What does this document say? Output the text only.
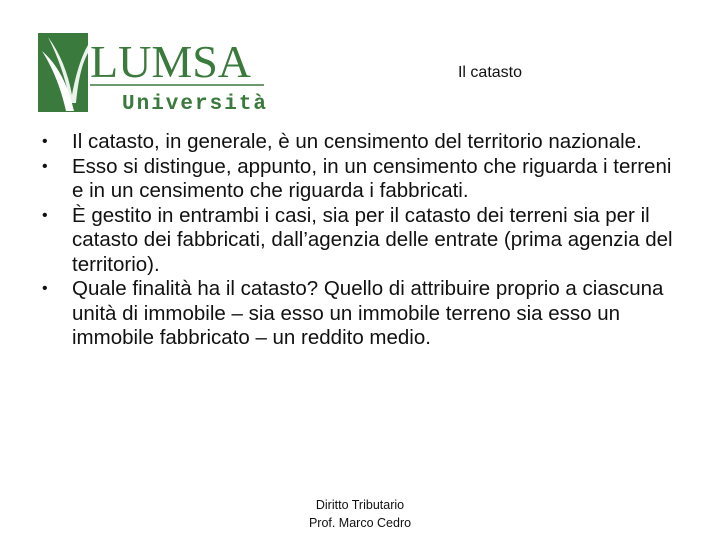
LUMSA
Università
Il catasto
• Il catasto, in generale, è un censimento del territorio nazionale.
• Esso si distingue, appunto, in un censimento che riguarda i terreni e in un censimento che riguarda i fabbricati.
• È gestito in entrambi i casi, sia per il catasto dei terreni sia per il catasto dei fabbricati, dall’agenzia delle entrate (prima agenzia del territorio).
• Quale finalità ha il catasto? Quello di attribuire proprio a ciascuna unità di immobile – sia esso un immobile terreno sia esso un immobile fabbricato – un reddito medio.
Diritto Tributario
Prof. Marco Cedro
